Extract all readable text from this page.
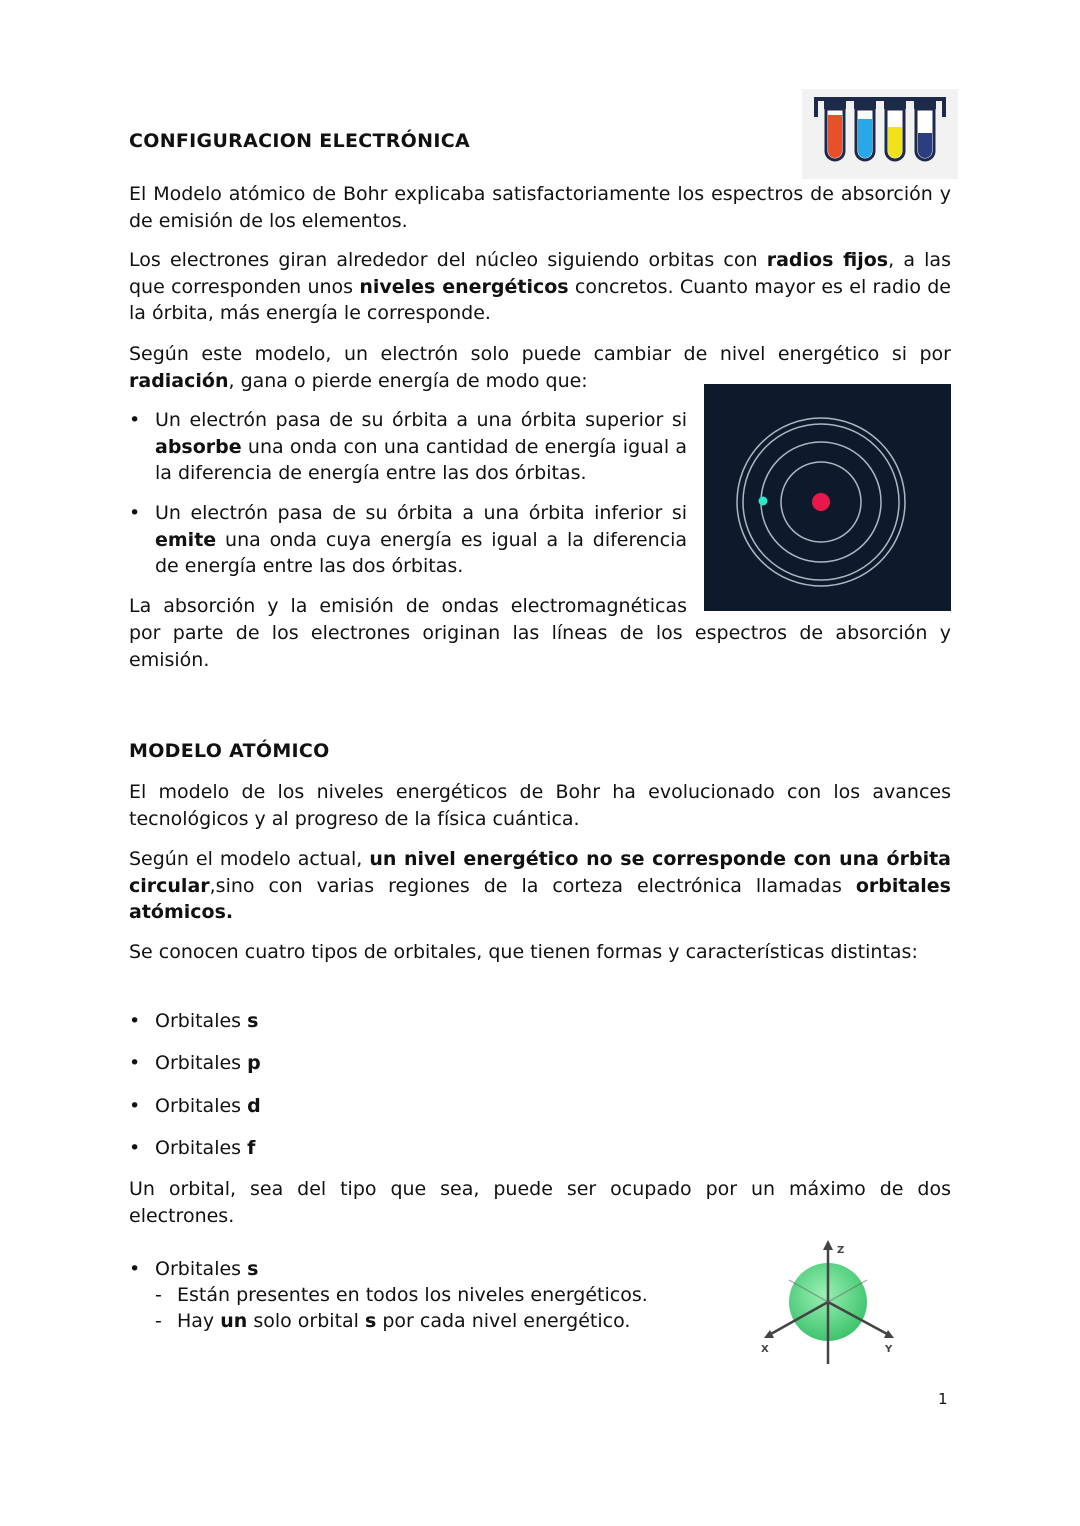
CONFIGURACION ELECTRÓNICA

El Modelo atómico de Bohr explicaba satisfactoriamente los espectros de absorción y de emisión de los elementos.

Los electrones giran alrededor del núcleo siguiendo orbitas con radios fijos, a las que corresponden unos niveles energéticos concretos. Cuanto mayor es el radio de la órbita, más energía le corresponde.

Según este modelo, un electrón solo puede cambiar de nivel energético si por radiación, gana o pierde energía de modo que:

• Un electrón pasa de su órbita a una órbita superior si absorbe una onda con una cantidad de energía igual a la diferencia de energía entre las dos órbitas.
• Un electrón pasa de su órbita a una órbita inferior si emite una onda cuya energía es igual a la diferencia de energía entre las dos órbitas.

La absorción y la emisión de ondas electromagnéticas

por parte de los electrones originan las líneas de los espectros de absorción y emisión.

MODELO ATÓMICO

El modelo de los niveles energéticos de Bohr ha evolucionado con los avances tecnológicos y al progreso de la física cuántica.

Según el modelo actual, un nivel energético no se corresponde con una órbita circular,sino con varias regiones de la corteza electrónica llamadas orbitales atómicos.

Se conocen cuatro tipos de orbitales, que tienen formas y características distintas:

• Orbitales s
• Orbitales p
• Orbitales d
• Orbitales f

Un orbital, sea del tipo que sea, puede ser ocupado por un máximo de dos electrones.

• Orbitales s
- Están presentes en todos los niveles energéticos.
- Hay un solo orbital s por cada nivel energético.
Z
X	Y
1
